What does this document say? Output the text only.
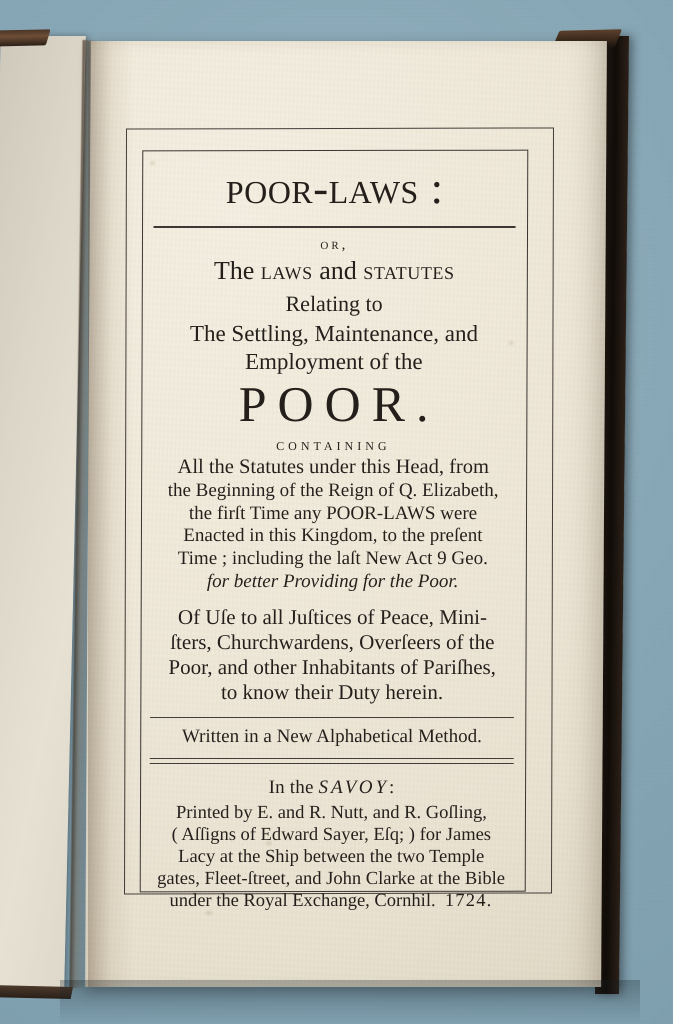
poor-laws :
or,
The laws and statutes
Relating to
The Settling, Maintenance, and
Employment of the
POOR.
containing
All the Statutes under this Head, from
the Beginning of the Reign of Q. Elizabeth,
the firſt Time any POOR-LAWS were
Enacted in this Kingdom, to the preſent
Time ; including the laſt New Act 9 Geo.
for better Providing for the Poor.
Of Uſe to all Juſtices of Peace, Mini-
ſters, Churchwardens, Overſeers of the
Poor, and other Inhabitants of Pariſhes,
to know their Duty herein.
Written in a New Alphabetical Method.
In the SAVOY:
Printed by E. and R. Nutt, and R. Goſling,
( Aſſigns of Edward Sayer, Eſq; ) for James
Lacy at the Ship between the two Temple
gates, Fleet-ſtreet, and John Clarke at the Bible
under the Royal Exchange, Cornhil. 1724.
